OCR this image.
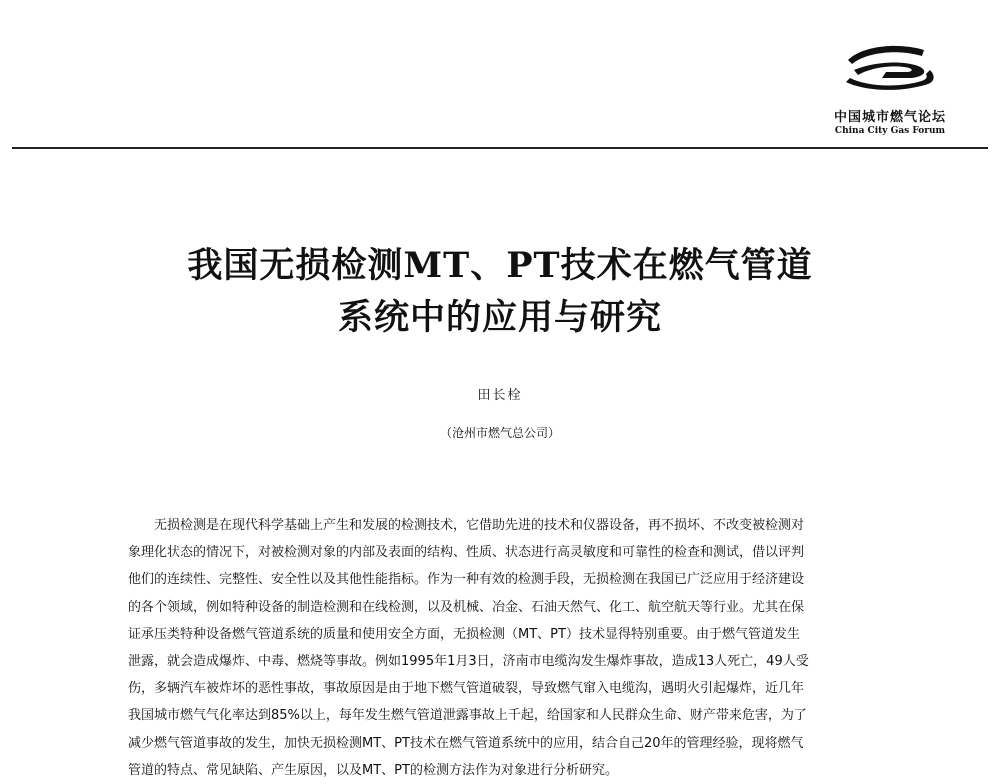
中国城市燃气论坛
China City Gas Forum
我国无损检测MT、PT技术在燃气管道
系统中的应用与研究
田长栓
（沧州市燃气总公司）
无损检测是在现代科学基础上产生和发展的检测技术，它借助先进的技术和仪器设备，再不损坏、不改变被检测对
象理化状态的情况下，对被检测对象的内部及表面的结构、性质、状态进行高灵敏度和可靠性的检查和测试，借以评判
他们的连续性、完整性、安全性以及其他性能指标。作为一种有效的检测手段，无损检测在我国已广泛应用于经济建设
的各个领域，例如特种设备的制造检测和在线检测，以及机械、冶金、石油天然气、化工、航空航天等行业。尤其在保
证承压类特种设备燃气管道系统的质量和使用安全方面，无损检测（MT、PT）技术显得特别重要。由于燃气管道发生
泄露，就会造成爆炸、中毒、燃烧等事故。例如1995年1月3日，济南市电缆沟发生爆炸事故，造成13人死亡，49人受
伤，多辆汽车被炸坏的恶性事故，事故原因是由于地下燃气管道破裂，导致燃气窜入电缆沟，遇明火引起爆炸，近几年
我国城市燃气气化率达到85%以上，每年发生燃气管道泄露事故上千起，给国家和人民群众生命、财产带来危害，为了
减少燃气管道事故的发生，加快无损检测MT、PT技术在燃气管道系统中的应用，结合自己20年的管理经验，现将燃气
管道的特点、常见缺陷、产生原因，以及MT、PT的检测方法作为对象进行分析研究。
